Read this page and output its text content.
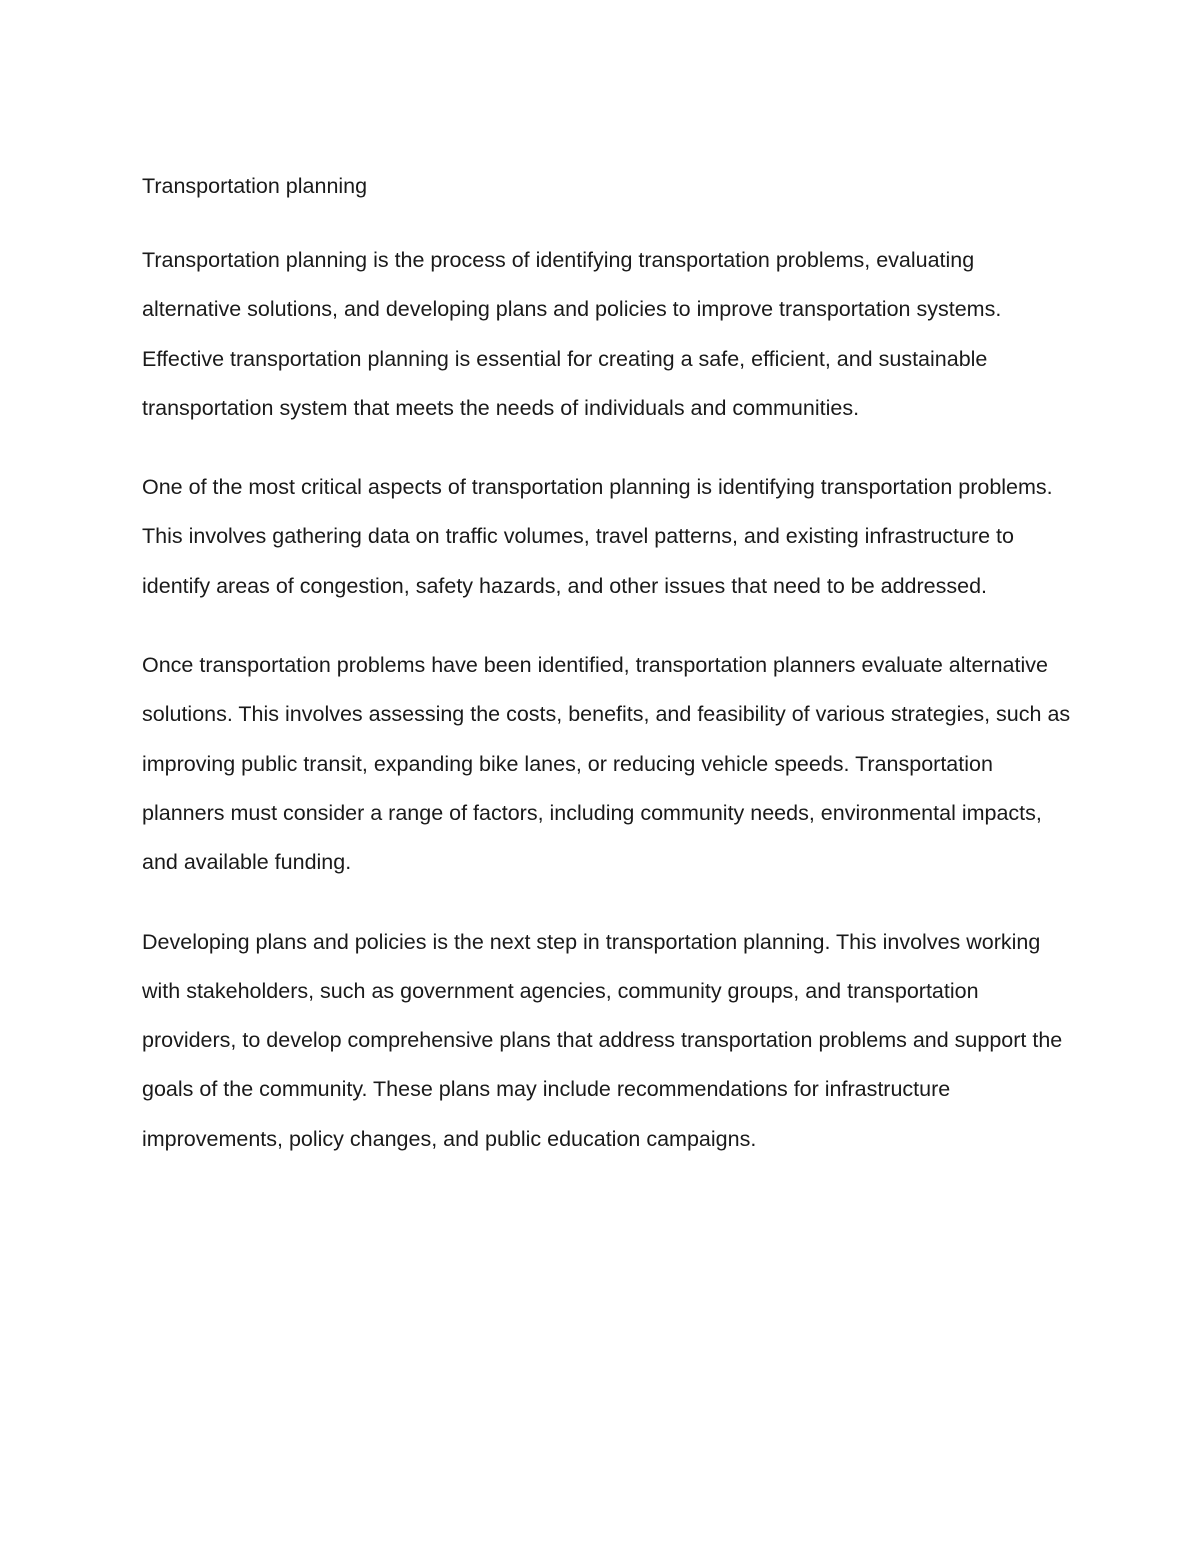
Transportation planning

Transportation planning is the process of identifying transportation problems, evaluating alternative solutions, and developing plans and policies to improve transportation systems. Effective transportation planning is essential for creating a safe, efficient, and sustainable transportation system that meets the needs of individuals and communities.

One of the most critical aspects of transportation planning is identifying transportation problems. This involves gathering data on traffic volumes, travel patterns, and existing infrastructure to identify areas of congestion, safety hazards, and other issues that need to be addressed.

Once transportation problems have been identified, transportation planners evaluate alternative solutions. This involves assessing the costs, benefits, and feasibility of various strategies, such as improving public transit, expanding bike lanes, or reducing vehicle speeds. Transportation planners must consider a range of factors, including community needs, environmental impacts, and available funding.

Developing plans and policies is the next step in transportation planning. This involves working with stakeholders, such as government agencies, community groups, and transportation providers, to develop comprehensive plans that address transportation problems and support the goals of the community. These plans may include recommendations for infrastructure improvements, policy changes, and public education campaigns.
